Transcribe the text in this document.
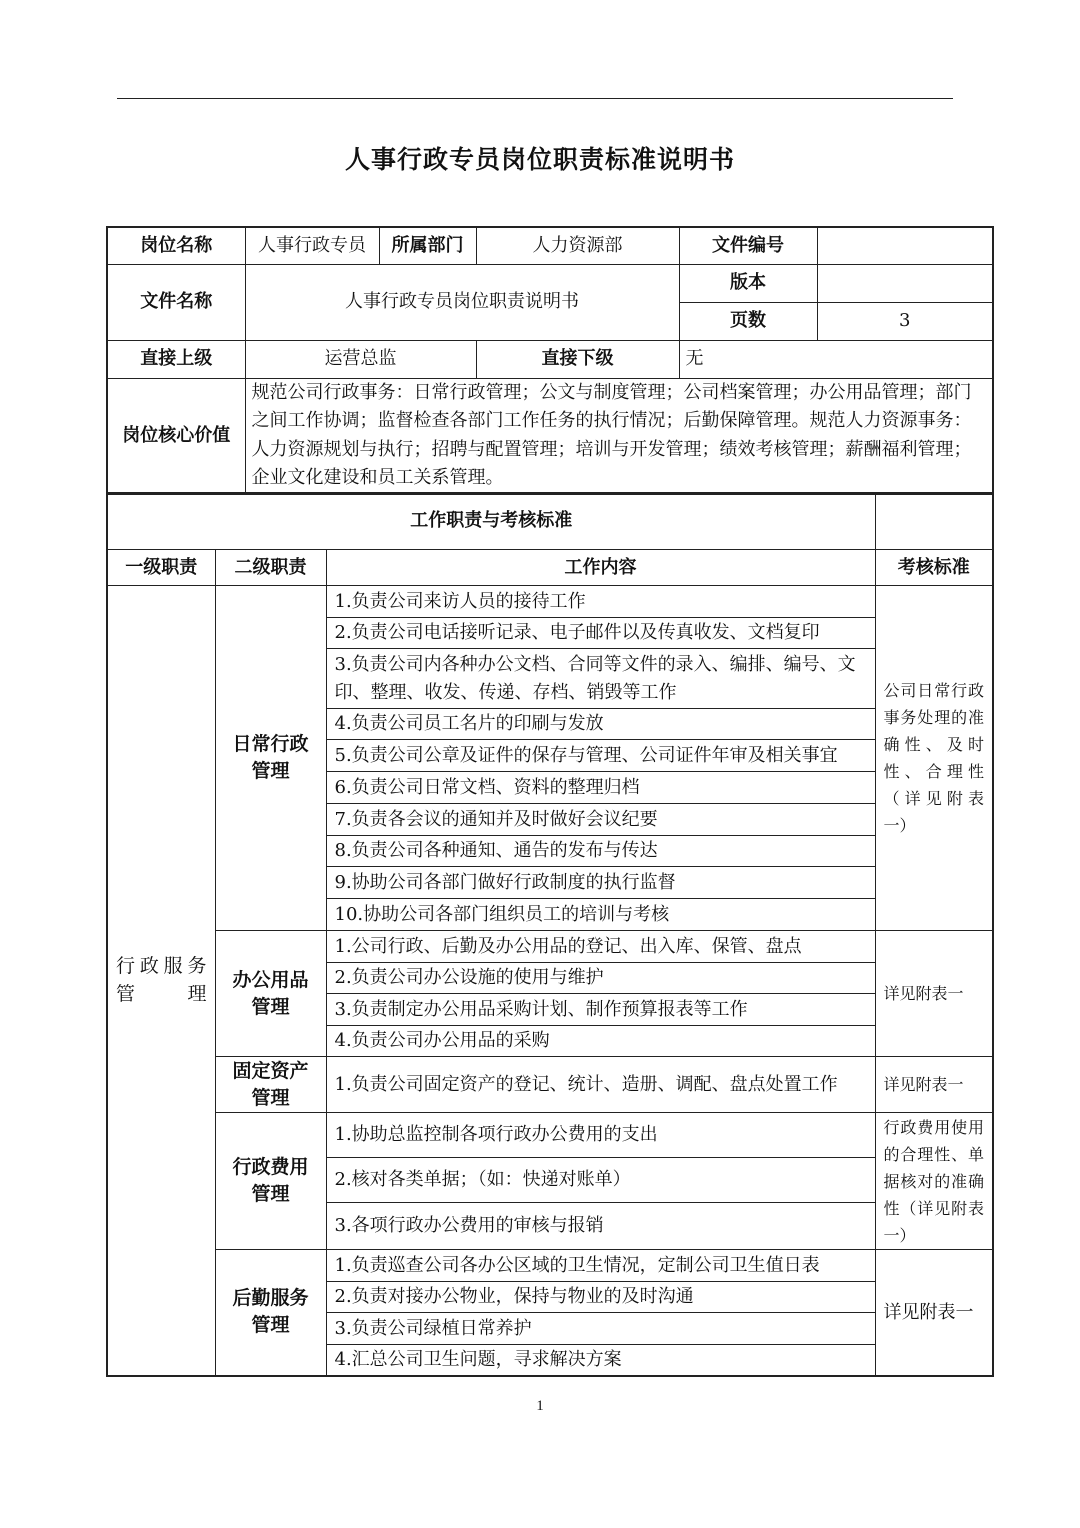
人事行政专员岗位职责标准说明书
岗位名称	人事行政专员	所属部门	人力资源部	文件编号	
文件名称	人事行政专员岗位职责说明书			版本	
				页数	3
直接上级	运营总监		直接下级	无	
岗位核心价值	规范公司行政事务：日常行政管理；公文与制度管理；公司档案管理；办公用品管理；部门之间工作协调；监督检查各部门工作任务的执行情况；后勤保障管理。规范人力资源事务：人力资源规划与执行；招聘与配置管理；培训与开发管理；绩效考核管理；薪酬福利管理；企业文化建设和员工关系管理。				
工作职责与考核标准			
一级职责	二级职责	工作内容	考核标准
行政服务管理	日常行政管理	1.负责公司来访人员的接待工作	公司日常行政事务处理的准确性、及时性、合理性（详见附表一）
		2.负责公司电话接听记录、电子邮件以及传真收发、文档复印	
		3.负责公司内各种办公文档、合同等文件的录入、编排、编号、文印、整理、收发、传递、存档、销毁等工作	
		4.负责公司员工名片的印刷与发放	
		5.负责公司公章及证件的保存与管理、公司证件年审及相关事宜	
		6.负责公司日常文档、资料的整理归档	
		7.负责各会议的通知并及时做好会议纪要	
		8.负责公司各种通知、通告的发布与传达	
		9.协助公司各部门做好行政制度的执行监督	
		10.协助公司各部门组织员工的培训与考核	

	办公用品管理	1.公司行政、后勤及办公用品的登记、出入库、保管、盘点	详见附表一
		2.负责公司办公设施的使用与维护	
		3.负责制定办公用品采购计划、制作预算报表等工作	
		4.负责公司办公用品的采购	
	固定资产管理	1.负责公司固定资产的登记、统计、造册、调配、盘点处置工作	详见附表一
	行政费用管理	1.协助总监控制各项行政办公费用的支出	行政费用使用的合理性、单据核对的准确性（详见附表一）
		2.核对各类单据；（如：快递对账单）	
		3.各项行政办公费用的审核与报销	
	后勤服务管理	1.负责巡查公司各办公区域的卫生情况，定制公司卫生值日表	详见附表一
		2.负责对接办公物业，保持与物业的及时沟通	
		3.负责公司绿植日常养护	
		4.汇总公司卫生问题，寻求解决方案	
1
